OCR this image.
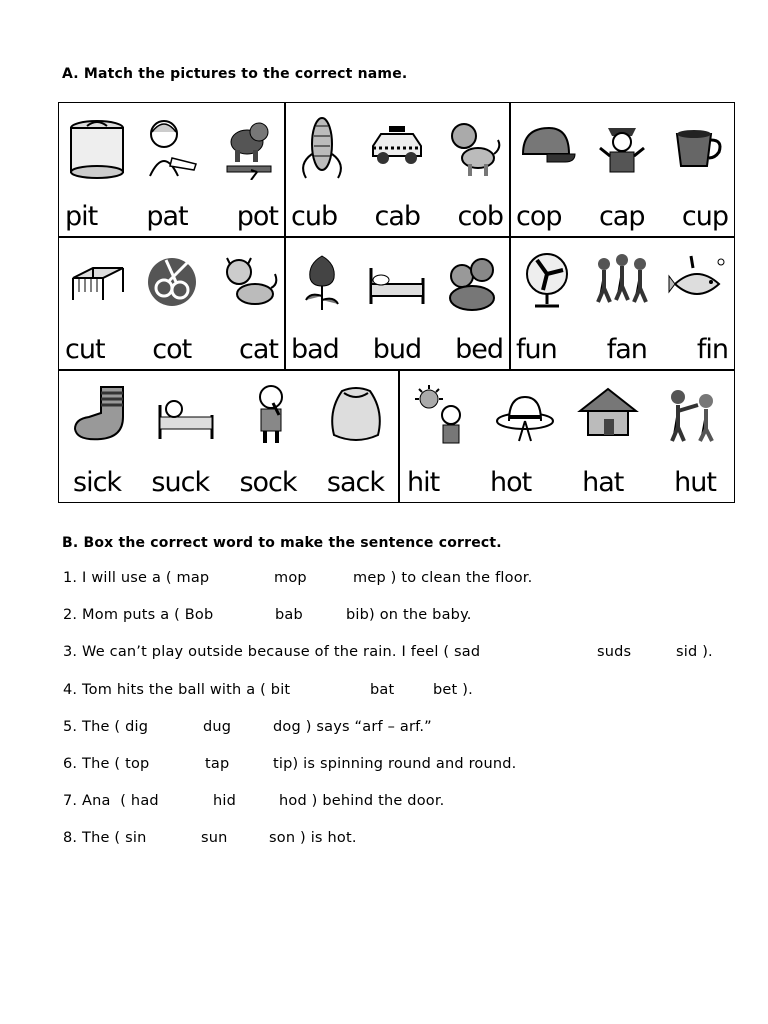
A. Match the pictures to the correct name.
pit pat pot cub cab cob cop cap cup
cut cot cat bad bud bed fun fan fin
sick suck sock sack hit hot hat hut
B. Box the correct word to make the sentence correct.

1. I will use a ( map

	mop

	mep ) to clean the floor.

2. Mom puts a ( Bob

	bab

	bib) on the baby.

3. We can’t play outside because of the rain. I feel ( sad

	suds

	sid ).

4. Tom hits the ball with a ( bit

	bat

	bet ).

5. The ( dig

	dug

	dog ) says “arf – arf.”

6. The ( top

	tap

	tip) is spinning round and round.

7. Ana  ( had

	hid

	hod ) behind the door.

8. The ( sin

	sun

	son ) is hot.
